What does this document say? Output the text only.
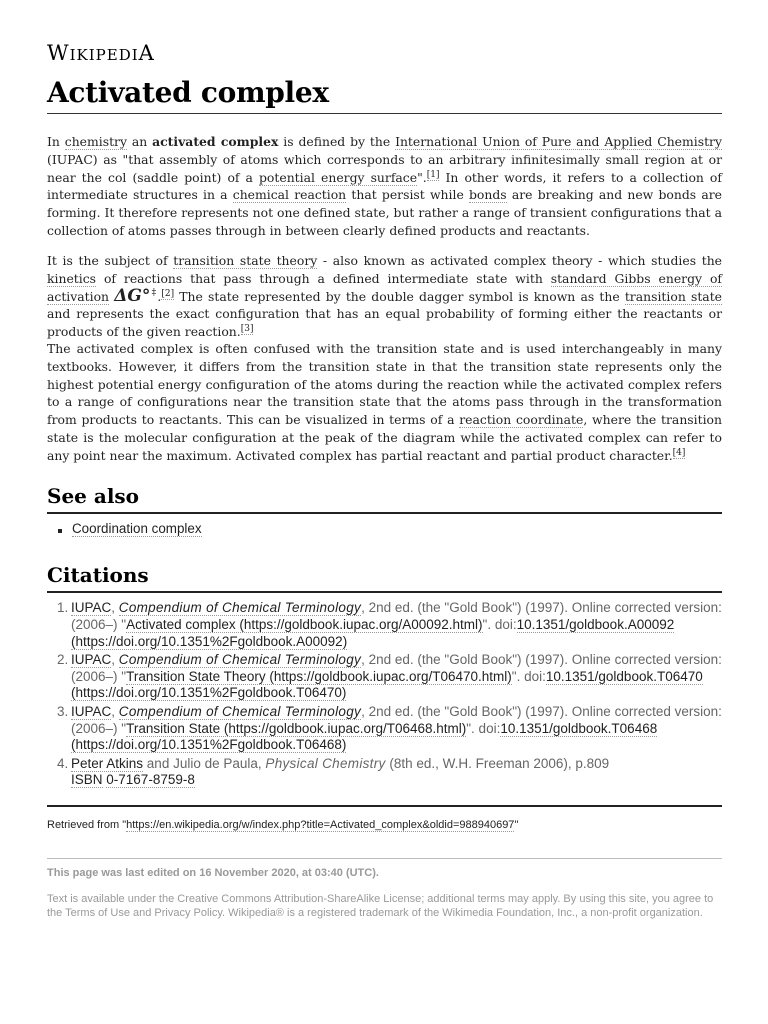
WIKIPEDIA
Activated complex

In chemistry an activated complex is defined by the International Union of Pure and Applied Chemistry (IUPAC) as "that assembly of atoms which corresponds to an arbitrary infinitesimally small region at or near the col (saddle point) of a potential energy surface".[1] In other words, it refers to a collection of intermediate structures in a chemical reaction that persist while bonds are breaking and new bonds are forming. It therefore represents not one defined state, but rather a range of transient configurations that a collection of atoms passes through in between clearly defined products and reactants.

It is the subject of transition state theory - also known as activated complex theory - which studies the kinetics of reactions that pass through a defined intermediate state with standard Gibbs energy of activation ΔG°‡.[2] The state represented by the double dagger symbol is known as the transition state and represents the exact configuration that has an equal probability of forming either the reactants or products of the given reaction.[3]

The activated complex is often confused with the transition state and is used interchangeably in many textbooks. However, it differs from the transition state in that the transition state represents only the highest potential energy configuration of the atoms during the reaction while the activated complex refers to a range of configurations near the transition state that the atoms pass through in the transformation from products to reactants. This can be visualized in terms of a reaction coordinate, where the transition state is the molecular configuration at the peak of the diagram while the activated complex can refer to any point near the maximum. Activated complex has partial reactant and partial product character.[4]

See also
Coordination complex
Citations
1. IUPAC, Compendium of Chemical Terminology, 2nd ed. (the "Gold Book") (1997). Online corrected version: (2006–) "Activated complex (https://goldbook.iupac.org/A00092.html)". doi:10.1351/goldbook.A00092 (https://doi.org/10.1351%2Fgoldbook.A00092)
2. IUPAC, Compendium of Chemical Terminology, 2nd ed. (the "Gold Book") (1997). Online corrected version: (2006–) "Transition State Theory (https://goldbook.iupac.org/T06470.html)". doi:10.1351/goldbook.T06470 (https://doi.org/10.1351%2Fgoldbook.T06470)
3. IUPAC, Compendium of Chemical Terminology, 2nd ed. (the "Gold Book") (1997). Online corrected version: (2006–) "Transition State (https://goldbook.iupac.org/T06468.html)". doi:10.1351/goldbook.T06468 (https://doi.org/10.1351%2Fgoldbook.T06468)
4. Peter Atkins and Julio de Paula, Physical Chemistry (8th ed., W.H. Freeman 2006), p.809
ISBN 0-7167-8759-8
Retrieved from "https://en.wikipedia.org/w/index.php?title=Activated_complex&oldid=988940697"
This page was last edited on 16 November 2020, at 03:40 (UTC).
Text is available under the Creative Commons Attribution-ShareAlike License; additional terms may apply. By using this site, you agree to the Terms of Use and Privacy Policy. Wikipedia® is a registered trademark of the Wikimedia Foundation, Inc., a non-profit organization.
